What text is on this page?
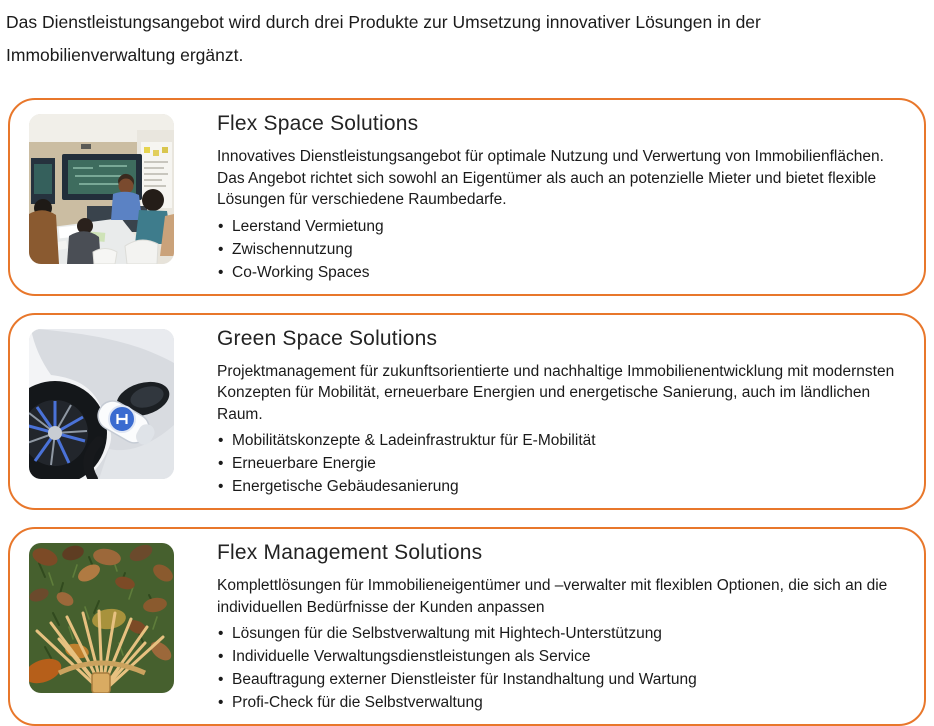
Das Dienstleistungsangebot wird durch drei Produkte zur Umsetzung innovativer Lösungen in der Immobilienverwaltung ergänzt.
Flex Space Solutions

Innovatives Dienstleistungsangebot für optimale Nutzung und Verwertung von Immobilienflächen. Das Angebot richtet sich sowohl an Eigentümer als auch an potenzielle Mieter und bietet flexible Lösungen für verschiedene Raumbedarfe.

• Leerstand Vermietung
• Zwischennutzung
• Co-Working Spaces
Green Space Solutions

Projektmanagement für zukunftsorientierte und nachhaltige Immobilienentwicklung mit modernsten Konzepten für Mobilität, erneuerbare Energien und energetische Sanierung, auch im ländlichen Raum.

• Mobilitätskonzepte & Ladeinfrastruktur für E-Mobilität
• Erneuerbare Energie
• Energetische Gebäudesanierung
Flex Management Solutions

Komplettlösungen für Immobilieneigentümer und –verwalter mit flexiblen Optionen, die sich an die individuellen Bedürfnisse der Kunden anpassen

• Lösungen für die Selbstverwaltung mit Hightech-Unterstützung
• Individuelle Verwaltungsdienstleistungen als Service
• Beauftragung externer Dienstleister für Instandhaltung und Wartung
• Profi-Check für die Selbstverwaltung
